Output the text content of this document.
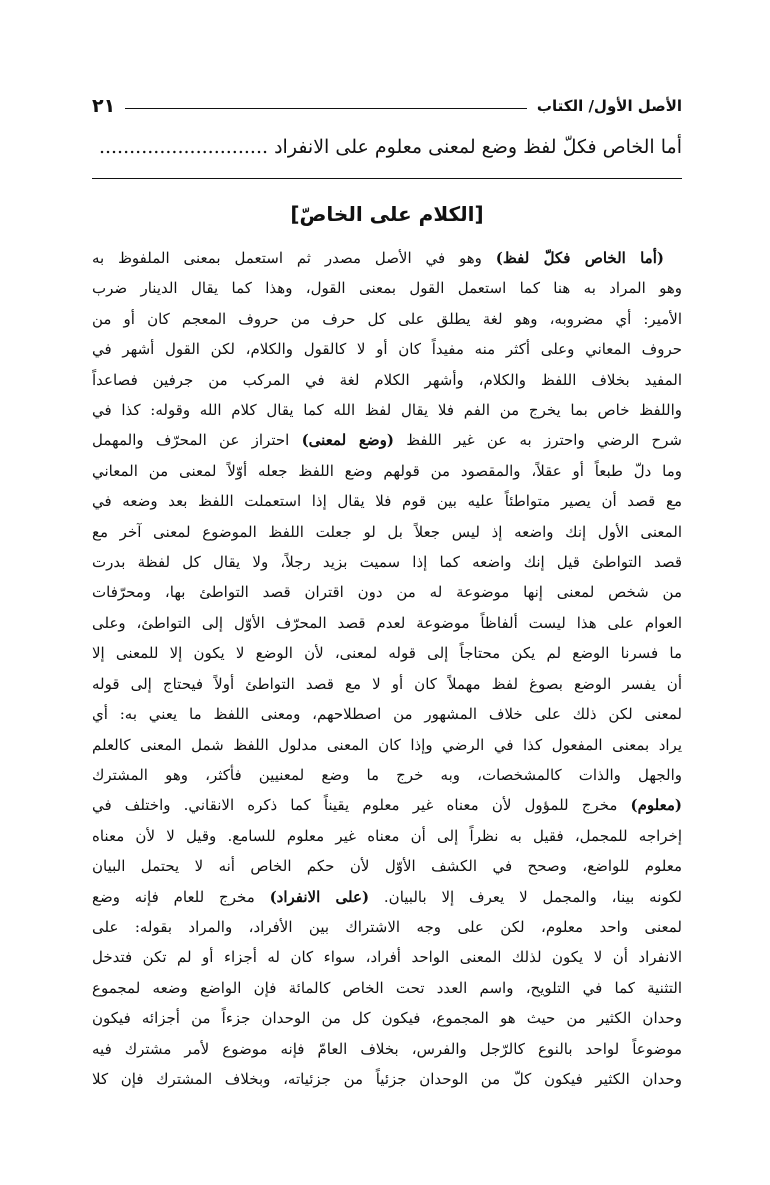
الأصل الأول/ الكتاب
٢١
أما الخاص فكلّ لفظ وضع لمعنى معلوم على الانفراد ............................
[الكلام على الخاصّ]
(أما الخاص فكلّ لفظ) وهو في الأصل مصدر ثم استعمل بمعنى الملفوظ به
وهو المراد به هنا كما استعمل القول بمعنى القول، وهذا كما يقال الدينار ضرب
الأمير: أي مضروبه، وهو لغة يطلق على كل حرف من حروف المعجم كان أو من
حروف المعاني وعلى أكثر منه مفيداً كان أو لا كالقول والكلام، لكن القول أشهر في
المفيد بخلاف اللفظ والكلام، وأشهر الكلام لغة في المركب من جرفين فصاعداً
واللفظ خاص بما يخرج من الفم فلا يقال لفظ الله كما يقال كلام الله وقوله: كذا في
شرح الرضي واحترز به عن غير اللفظ (وضع لمعنى) احتراز عن المحرّف والمهمل
وما دلّ طبعاً أو عقلاً، والمقصود من قولهم وضع اللفظ جعله أوّلاً لمعنى من المعاني
مع قصد أن يصير متواطئاً عليه بين قوم فلا يقال إذا استعملت اللفظ بعد وضعه في
المعنى الأول إنك واضعه إذ ليس جعلاً بل لو جعلت اللفظ الموضوع لمعنى آخر مع
قصد التواطئ قيل إنك واضعه كما إذا سميت بزيد رجلاً، ولا يقال كل لفظة بدرت
من شخص لمعنى إنها موضوعة له من دون اقتران قصد التواطئ بها، ومحرّفات
العوام على هذا ليست ألفاظاً موضوعة لعدم قصد المحرّف الأوّل إلى التواطئ، وعلى
ما فسرنا الوضع لم يكن محتاجاً إلى قوله لمعنى، لأن الوضع لا يكون إلا للمعنى إلا
أن يفسر الوضع بصوغ لفظ مهملاً كان أو لا مع قصد التواطئ أولاً فيحتاج إلى قوله
لمعنى لكن ذلك على خلاف المشهور من اصطلاحهم، ومعنى اللفظ ما يعني به: أي
يراد بمعنى المفعول كذا في الرضي وإذا كان المعنى مدلول اللفظ شمل المعنى كالعلم
والجهل والذات كالمشخصات، وبه خرج ما وضع لمعنيين فأكثر، وهو المشترك
(معلوم) مخرج للمؤول لأن معناه غير معلوم يقيناً كما ذكره الانقاني. واختلف في
إخراجه للمجمل، فقيل به نظراً إلى أن معناه غير معلوم للسامع. وقيل لا لأن معناه
معلوم للواضع، وصحح في الكشف الأوّل لأن حكم الخاص أنه لا يحتمل البيان
لكونه بينا، والمجمل لا يعرف إلا بالبيان. (على الانفراد) مخرج للعام فإنه وضع
لمعنى واحد معلوم، لكن على وجه الاشتراك بين الأفراد، والمراد بقوله: على
الانفراد أن لا يكون لذلك المعنى الواحد أفراد، سواء كان له أجزاء أو لم تكن فتدخل
التثنية كما في التلويح، واسم العدد تحت الخاص كالمائة فإن الواضع وضعه لمجموع
وحدان الكثير من حيث هو المجموع، فيكون كل من الوحدان جزءاً من أجزائه فيكون
موضوعاً لواحد بالنوع كالرّجل والفرس، بخلاف العامّ فإنه موضوع لأمر مشترك فيه
وحدان الكثير فيكون كلّ من الوحدان جزئياً من جزئياته، وبخلاف المشترك فإن كلا
